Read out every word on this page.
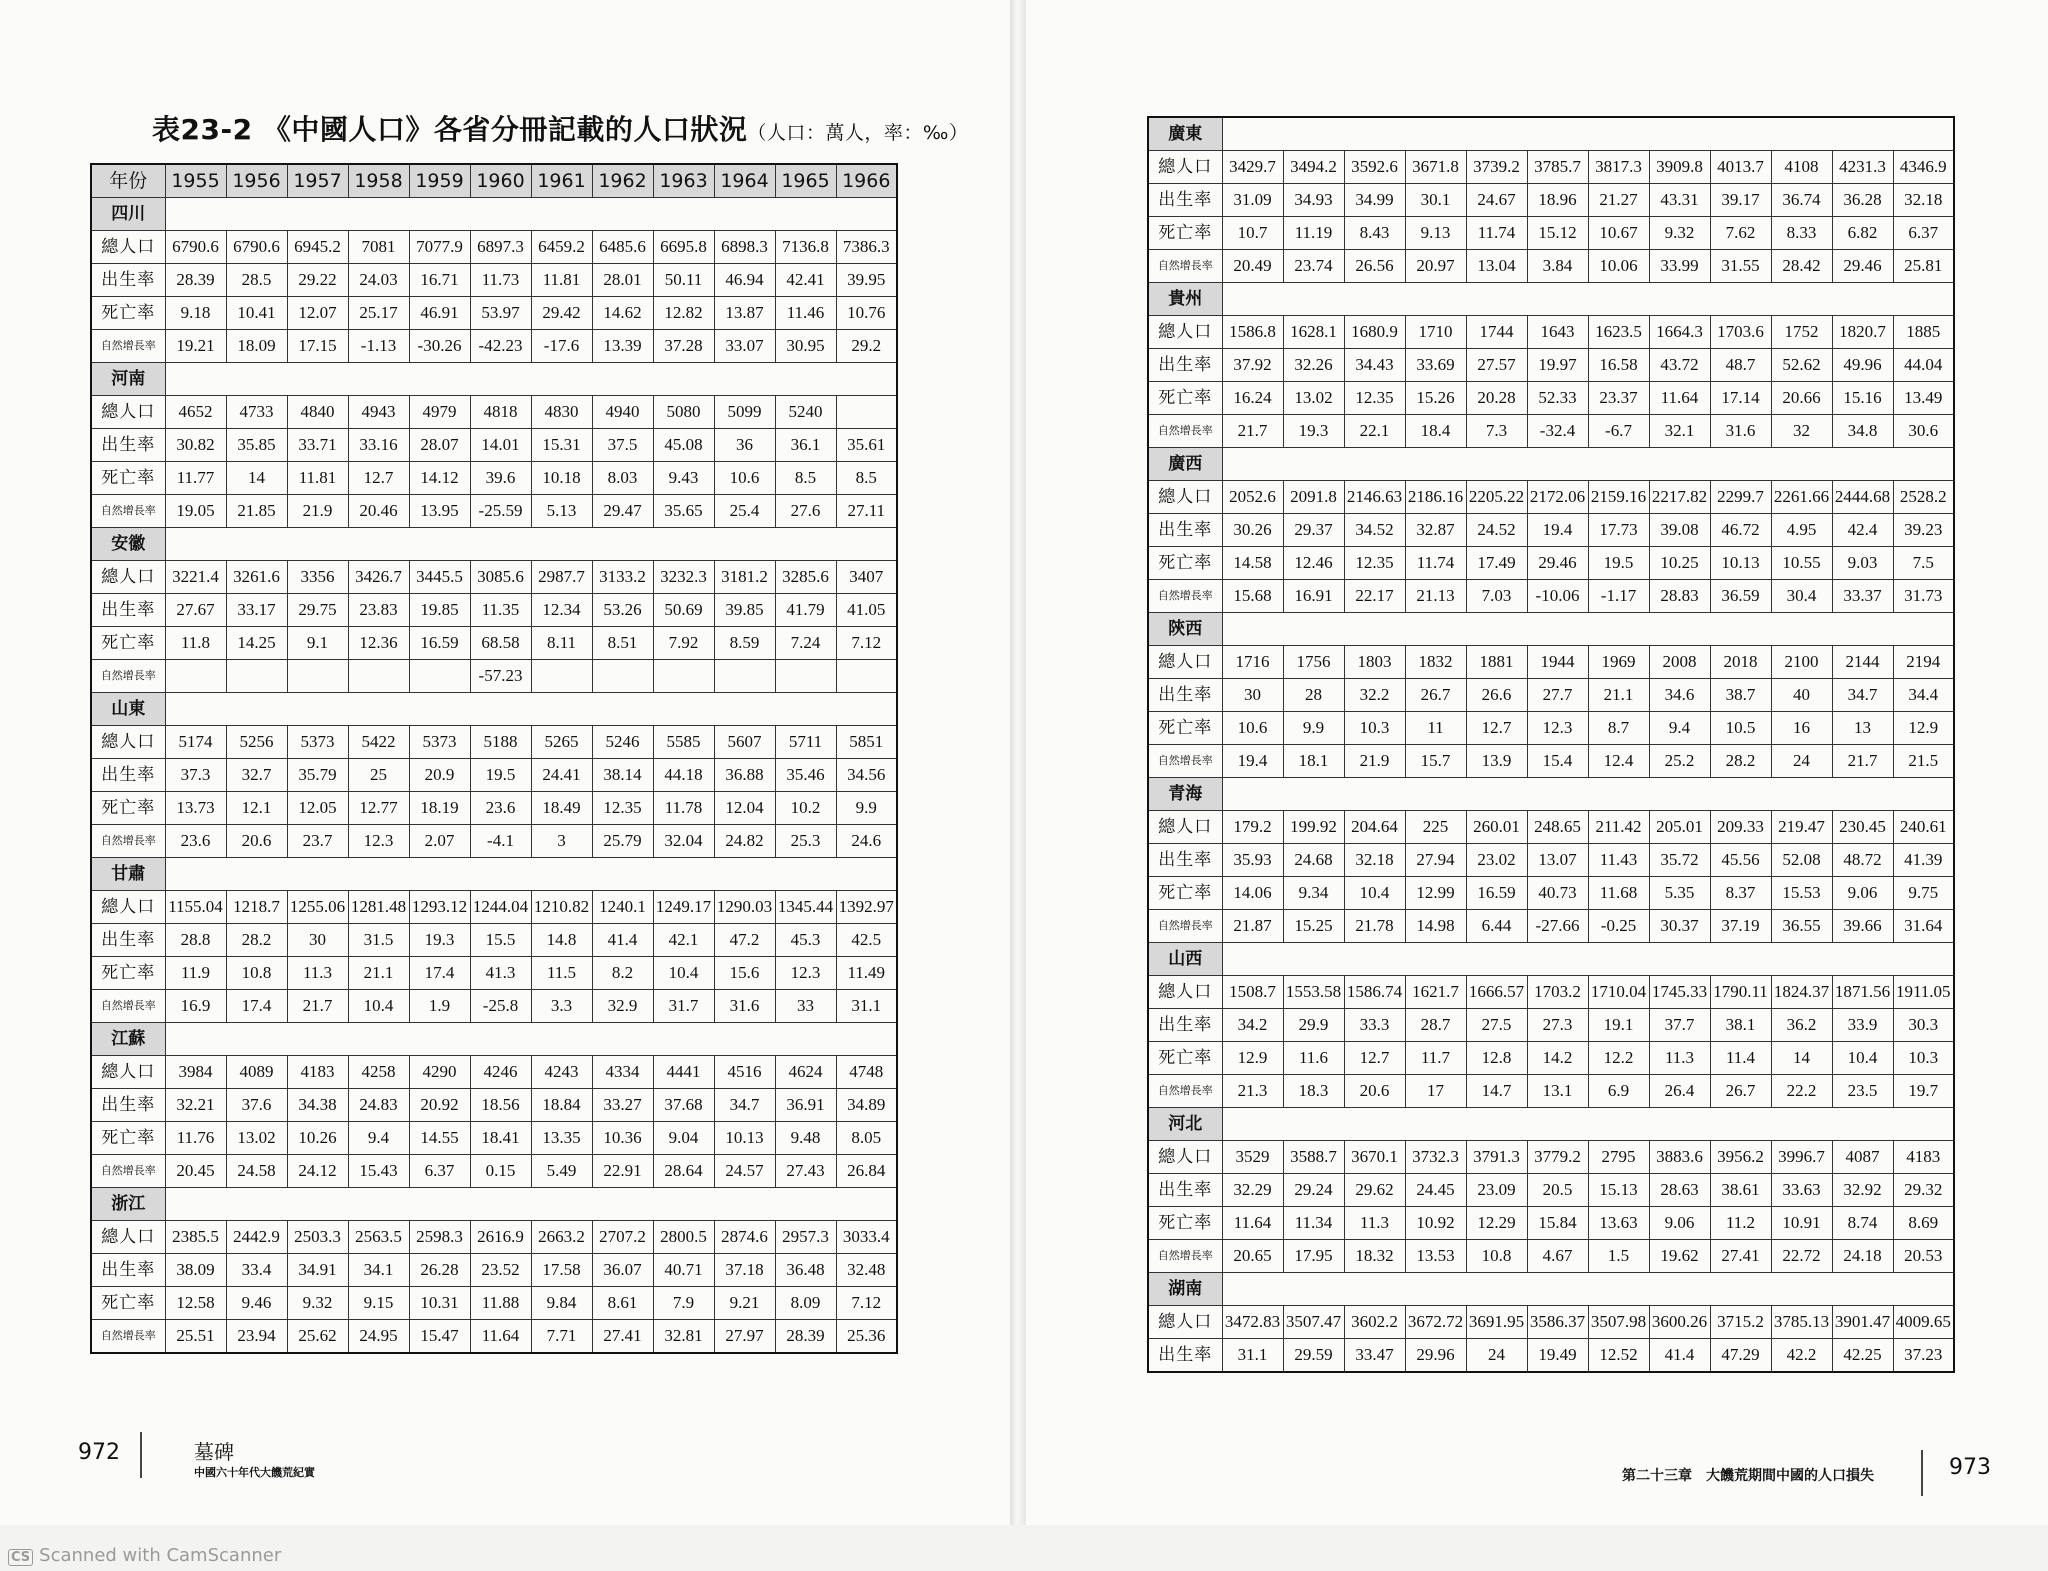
表23-2 《中國人口》各省分冊記載的人口狀況（人口：萬人，率：‰）
年份	1955	1956	1957	1958	1959	1960	1961	1962	1963	1964	1965	1966
四川												
總人口	6790.6	6790.6	6945.2	7081	7077.9	6897.3	6459.2	6485.6	6695.8	6898.3	7136.8	7386.3
出生率	28.39	28.5	29.22	24.03	16.71	11.73	11.81	28.01	50.11	46.94	42.41	39.95
死亡率	9.18	10.41	12.07	25.17	46.91	53.97	29.42	14.62	12.82	13.87	11.46	10.76
自然增長率	19.21	18.09	17.15	-1.13	-30.26	-42.23	-17.6	13.39	37.28	33.07	30.95	29.2
河南												
總人口	4652	4733	4840	4943	4979	4818	4830	4940	5080	5099	5240	
出生率	30.82	35.85	33.71	33.16	28.07	14.01	15.31	37.5	45.08	36	36.1	35.61
死亡率	11.77	14	11.81	12.7	14.12	39.6	10.18	8.03	9.43	10.6	8.5	8.5
自然增長率	19.05	21.85	21.9	20.46	13.95	-25.59	5.13	29.47	35.65	25.4	27.6	27.11
安徽												
總人口	3221.4	3261.6	3356	3426.7	3445.5	3085.6	2987.7	3133.2	3232.3	3181.2	3285.6	3407
出生率	27.67	33.17	29.75	23.83	19.85	11.35	12.34	53.26	50.69	39.85	41.79	41.05
死亡率	11.8	14.25	9.1	12.36	16.59	68.58	8.11	8.51	7.92	8.59	7.24	7.12
自然增長率						-57.23						
山東												
總人口	5174	5256	5373	5422	5373	5188	5265	5246	5585	5607	5711	5851
出生率	37.3	32.7	35.79	25	20.9	19.5	24.41	38.14	44.18	36.88	35.46	34.56
死亡率	13.73	12.1	12.05	12.77	18.19	23.6	18.49	12.35	11.78	12.04	10.2	9.9
自然增長率	23.6	20.6	23.7	12.3	2.07	-4.1	3	25.79	32.04	24.82	25.3	24.6
甘肅												
總人口	1155.04	1218.7	1255.06	1281.48	1293.12	1244.04	1210.82	1240.1	1249.17	1290.03	1345.44	1392.97
出生率	28.8	28.2	30	31.5	19.3	15.5	14.8	41.4	42.1	47.2	45.3	42.5
死亡率	11.9	10.8	11.3	21.1	17.4	41.3	11.5	8.2	10.4	15.6	12.3	11.49
自然增長率	16.9	17.4	21.7	10.4	1.9	-25.8	3.3	32.9	31.7	31.6	33	31.1
江蘇												
總人口	3984	4089	4183	4258	4290	4246	4243	4334	4441	4516	4624	4748
出生率	32.21	37.6	34.38	24.83	20.92	18.56	18.84	33.27	37.68	34.7	36.91	34.89
死亡率	11.76	13.02	10.26	9.4	14.55	18.41	13.35	10.36	9.04	10.13	9.48	8.05
自然增長率	20.45	24.58	24.12	15.43	6.37	0.15	5.49	22.91	28.64	24.57	27.43	26.84
浙江												
總人口	2385.5	2442.9	2503.3	2563.5	2598.3	2616.9	2663.2	2707.2	2800.5	2874.6	2957.3	3033.4
出生率	38.09	33.4	34.91	34.1	26.28	23.52	17.58	36.07	40.71	37.18	36.48	32.48
死亡率	12.58	9.46	9.32	9.15	10.31	11.88	9.84	8.61	7.9	9.21	8.09	7.12
自然增長率	25.51	23.94	25.62	24.95	15.47	11.64	7.71	27.41	32.81	27.97	28.39	25.36
廣東												
總人口	3429.7	3494.2	3592.6	3671.8	3739.2	3785.7	3817.3	3909.8	4013.7	4108	4231.3	4346.9
出生率	31.09	34.93	34.99	30.1	24.67	18.96	21.27	43.31	39.17	36.74	36.28	32.18
死亡率	10.7	11.19	8.43	9.13	11.74	15.12	10.67	9.32	7.62	8.33	6.82	6.37
自然增長率	20.49	23.74	26.56	20.97	13.04	3.84	10.06	33.99	31.55	28.42	29.46	25.81
貴州												
總人口	1586.8	1628.1	1680.9	1710	1744	1643	1623.5	1664.3	1703.6	1752	1820.7	1885
出生率	37.92	32.26	34.43	33.69	27.57	19.97	16.58	43.72	48.7	52.62	49.96	44.04
死亡率	16.24	13.02	12.35	15.26	20.28	52.33	23.37	11.64	17.14	20.66	15.16	13.49
自然增長率	21.7	19.3	22.1	18.4	7.3	-32.4	-6.7	32.1	31.6	32	34.8	30.6
廣西												
總人口	2052.6	2091.8	2146.63	2186.16	2205.22	2172.06	2159.16	2217.82	2299.7	2261.66	2444.68	2528.2
出生率	30.26	29.37	34.52	32.87	24.52	19.4	17.73	39.08	46.72	4.95	42.4	39.23
死亡率	14.58	12.46	12.35	11.74	17.49	29.46	19.5	10.25	10.13	10.55	9.03	7.5
自然增長率	15.68	16.91	22.17	21.13	7.03	-10.06	-1.17	28.83	36.59	30.4	33.37	31.73
陝西												
總人口	1716	1756	1803	1832	1881	1944	1969	2008	2018	2100	2144	2194
出生率	30	28	32.2	26.7	26.6	27.7	21.1	34.6	38.7	40	34.7	34.4
死亡率	10.6	9.9	10.3	11	12.7	12.3	8.7	9.4	10.5	16	13	12.9
自然增長率	19.4	18.1	21.9	15.7	13.9	15.4	12.4	25.2	28.2	24	21.7	21.5
青海												
總人口	179.2	199.92	204.64	225	260.01	248.65	211.42	205.01	209.33	219.47	230.45	240.61
出生率	35.93	24.68	32.18	27.94	23.02	13.07	11.43	35.72	45.56	52.08	48.72	41.39
死亡率	14.06	9.34	10.4	12.99	16.59	40.73	11.68	5.35	8.37	15.53	9.06	9.75
自然增長率	21.87	15.25	21.78	14.98	6.44	-27.66	-0.25	30.37	37.19	36.55	39.66	31.64
山西												
總人口	1508.7	1553.58	1586.74	1621.7	1666.57	1703.2	1710.04	1745.33	1790.11	1824.37	1871.56	1911.05
出生率	34.2	29.9	33.3	28.7	27.5	27.3	19.1	37.7	38.1	36.2	33.9	30.3
死亡率	12.9	11.6	12.7	11.7	12.8	14.2	12.2	11.3	11.4	14	10.4	10.3
自然增長率	21.3	18.3	20.6	17	14.7	13.1	6.9	26.4	26.7	22.2	23.5	19.7
河北												
總人口	3529	3588.7	3670.1	3732.3	3791.3	3779.2	2795	3883.6	3956.2	3996.7	4087	4183
出生率	32.29	29.24	29.62	24.45	23.09	20.5	15.13	28.63	38.61	33.63	32.92	29.32
死亡率	11.64	11.34	11.3	10.92	12.29	15.84	13.63	9.06	11.2	10.91	8.74	8.69
自然增長率	20.65	17.95	18.32	13.53	10.8	4.67	1.5	19.62	27.41	22.72	24.18	20.53
湖南												
總人口	3472.83	3507.47	3602.2	3672.72	3691.95	3586.37	3507.98	3600.26	3715.2	3785.13	3901.47	4009.65
出生率	31.1	29.59	33.47	29.96	24	19.49	12.52	41.4	47.29	42.2	42.25	37.23
972	墓碑
中國六十年代大饑荒紀實	第二十三章　大饑荒期間中國的人口損失	973
CS Scanned with CamScanner
